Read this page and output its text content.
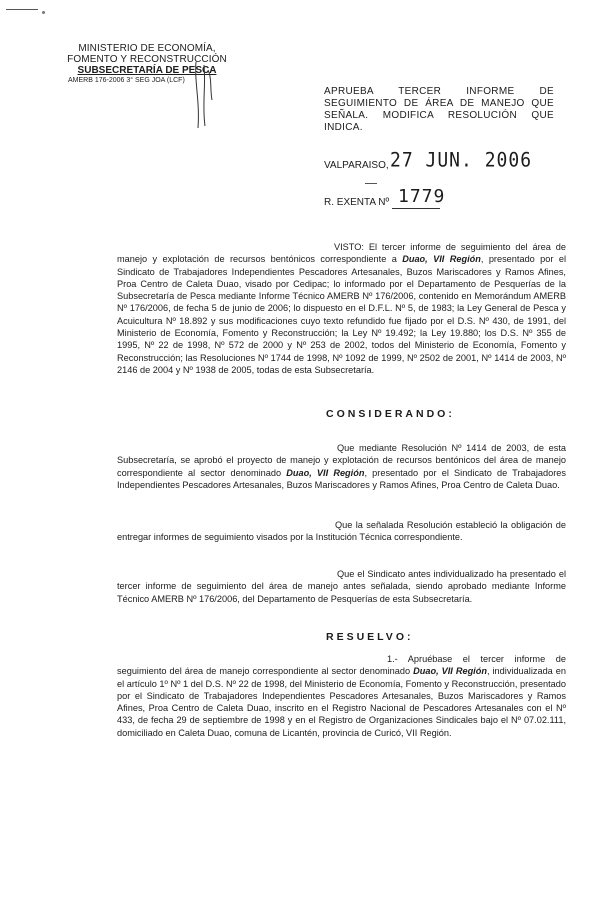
MINISTERIO DE ECONOMÍA,
FOMENTO Y RECONSTRUCCIÓN
SUBSECRETARÍA DE PESCA
AMERB 176-2006 3° SEG JOA (LCF)
APRUEBA TERCER INFORME DE SEGUIMIENTO DE ÁREA DE MANEJO QUE SEÑALA. MODIFICA RESOLUCIÓN QUE INDICA.
VALPARAISO, 27 JUN. 2006
R. EXENTA Nº 1779
VISTO: El tercer informe de seguimiento del área de manejo y explotación de recursos bentónicos correspondiente a Duao, VII Región, presentado por el Sindicato de Trabajadores Independientes Pescadores Artesanales, Buzos Mariscadores y Ramos Afines, Proa Centro de Caleta Duao, visado por Cedipac; lo informado por el Departamento de Pesquerías de la Subsecretaría de Pesca mediante Informe Técnico AMERB Nº 176/2006, contenido en Memorándum AMERB Nº 176/2006, de fecha 5 de junio de 2006; lo dispuesto en el D.F.L. Nº 5, de 1983; la Ley General de Pesca y Acuicultura Nº 18.892 y sus modificaciones cuyo texto refundido fue fijado por el D.S. Nº 430, de 1991, del Ministerio de Economía, Fomento y Reconstrucción; la Ley Nº 19.492; la Ley 19.880; los D.S. Nº 355 de 1995, Nº 22 de 1998, Nº 572 de 2000 y Nº 253 de 2002, todos del Ministerio de Economía, Fomento y Reconstrucción; las Resoluciones Nº 1744 de 1998, Nº 1092 de 1999, Nº 2502 de 2001, Nº 1414 de 2003, Nº 2146 de 2004 y Nº 1938 de 2005, todas de esta Subsecretaría.
CONSIDERANDO:
Que mediante Resolución Nº 1414 de 2003, de esta Subsecretaría, se aprobó el proyecto de manejo y explotación de recursos bentónicos del área de manejo correspondiente al sector denominado Duao, VII Región, presentado por el Sindicato de Trabajadores Independientes Pescadores Artesanales, Buzos Mariscadores y Ramos Afines, Proa Centro de Caleta Duao.
Que la señalada Resolución estableció la obligación de entregar informes de seguimiento visados por la Institución Técnica correspondiente.
Que el Sindicato antes individualizado ha presentado el tercer informe de seguimiento del área de manejo antes señalada, siendo aprobado mediante Informe Técnico AMERB Nº 176/2006, del Departamento de Pesquerías de esta Subsecretaría.
RESUELVO:
1.- Apruébase el tercer informe de seguimiento del área de manejo correspondiente al sector denominado Duao, VII Región, individualizada en el artículo 1º Nº 1 del D.S. Nº 22 de 1998, del Ministerio de Economía, Fomento y Reconstrucción, presentado por el Sindicato de Trabajadores Independientes Pescadores Artesanales, Buzos Mariscadores y Ramos Afines, Proa Centro de Caleta Duao, inscrito en el Registro Nacional de Pescadores Artesanales con el Nº 433, de fecha 29 de septiembre de 1998 y en el Registro de Organizaciones Sindicales bajo el Nº 07.02.111, domiciliado en Caleta Duao, comuna de Licantén, provincia de Curicó, VII Región.
